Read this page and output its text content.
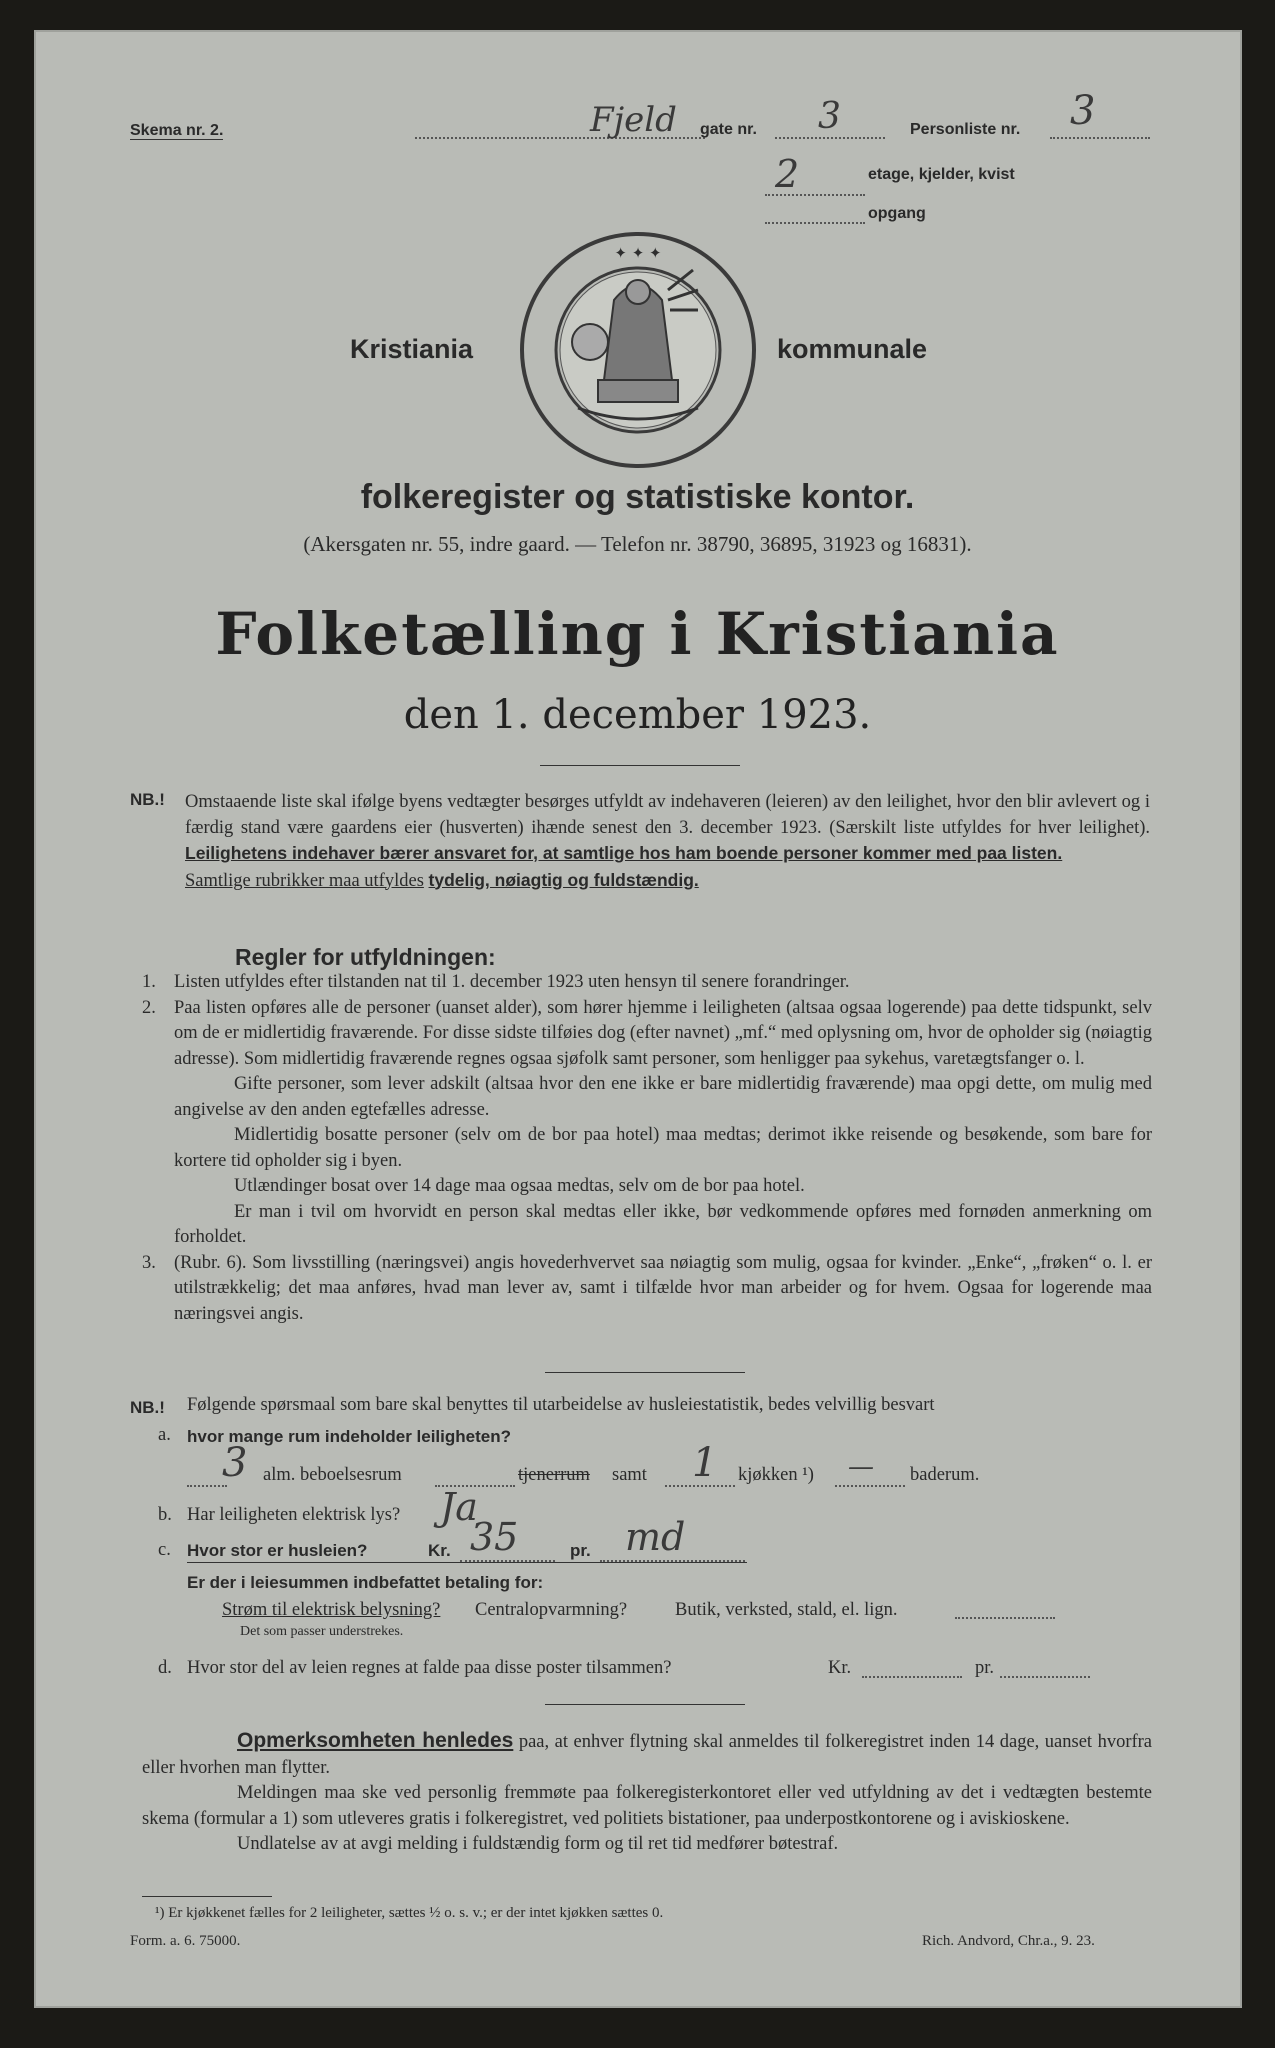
Skema nr. 2.	Fjeld gate nr. 3	Personliste nr. 3
2	etage, kjelder, kvist
opgang
Kristiania	kommunale
✦ ✦ ✦
folkeregister og statistiske kontor.
(Akersgaten nr. 55, indre gaard. — Telefon nr. 38790, 36895, 31923 og 16831).
Folketælling i Kristiania
den 1. december 1923.
NB.! Omstaaende liste skal ifølge byens vedtægter besørges utfyldt av indehaveren (leieren) av den leilighet, hvor den blir avlevert og i færdig stand være gaardens eier (husverten) ihænde senest den 3. december 1923. (Særskilt liste utfyldes for hver leilighet). Leilighetens indehaver bærer ansvaret for, at samtlige hos ham boende personer kommer med paa listen.
Samtlige rubrikker maa utfyldes tydelig, nøiagtig og fuldstændig.

Regler for utfyldningen:
1. Listen utfyldes efter tilstanden nat til 1. december 1923 uten hensyn til senere forandringer.
2. Paa listen opføres alle de personer (uanset alder), som hører hjemme i leiligheten (altsaa ogsaa logerende) paa dette tidspunkt, selv om de er midlertidig fraværende. For disse sidste tilføies dog (efter navnet) „mf.“ med oplysning om, hvor de opholder sig (nøiagtig adresse). Som midlertidig fraværende regnes ogsaa sjøfolk samt personer, som henligger paa sykehus, varetægtsfanger o. l.
Gifte personer, som lever adskilt (altsaa hvor den ene ikke er bare midlertidig fraværende) maa opgi dette, om mulig med angivelse av den anden egtefælles adresse.
Midlertidig bosatte personer (selv om de bor paa hotel) maa medtas; derimot ikke reisende og besøkende, som bare for kortere tid opholder sig i byen.
Utlændinger bosat over 14 dage maa ogsaa medtas, selv om de bor paa hotel.
Er man i tvil om hvorvidt en person skal medtas eller ikke, bør vedkommende opføres med fornøden anmerkning om forholdet.
3. (Rubr. 6). Som livsstilling (næringsvei) angis hovederhvervet saa nøiagtig som mulig, ogsaa for kvinder. „Enke“, „frøken“ o. l. er utilstrækkelig; det maa anføres, hvad man lever av, samt i tilfælde hvor man arbeider og for hvem. Ogsaa for logerende maa næringsvei angis.
NB.! Følgende spørsmaal som bare skal benyttes til utarbeidelse av husleiestatistik, bedes velvillig besvart
a. hvor mange rum indeholder leiligheten?
3 alm. beboelsesrum	tjenerrum samt 1 kjøkken ¹) — baderum.
b. Har leiligheten elektrisk lys? Ja
c. Hvor stor er husleien?	Kr. 35	pr. md
Er der i leiesummen indbefattet betaling for:
Strøm til elektrisk belysning? Centralopvarmning?	Butik, verksted, stald, el. lign.
Det som passer understrekes.
d. Hvor stor del av leien regnes at falde paa disse poster tilsammen?	Kr.	pr.

Opmerksomheten henledes paa, at enhver flytning skal anmeldes til folkeregistret inden 14 dage, uanset hvorfra eller hvorhen man flytter.

Meldingen maa ske ved personlig fremmøte paa folkeregisterkontoret eller ved utfyldning av det i vedtægten bestemte skema (formular a 1) som utleveres gratis i folkeregistret, ved politiets bistationer, paa underpostkontorene og i aviskioskene.

Undlatelse av at avgi melding i fuldstændig form og til ret tid medfører bøtestraf.

¹) Er kjøkkenet fælles for 2 leiligheter, sættes ½ o. s. v.; er der intet kjøkken sættes 0.
Form. a. 6. 75000.	Rich. Andvord, Chr.a., 9. 23.
